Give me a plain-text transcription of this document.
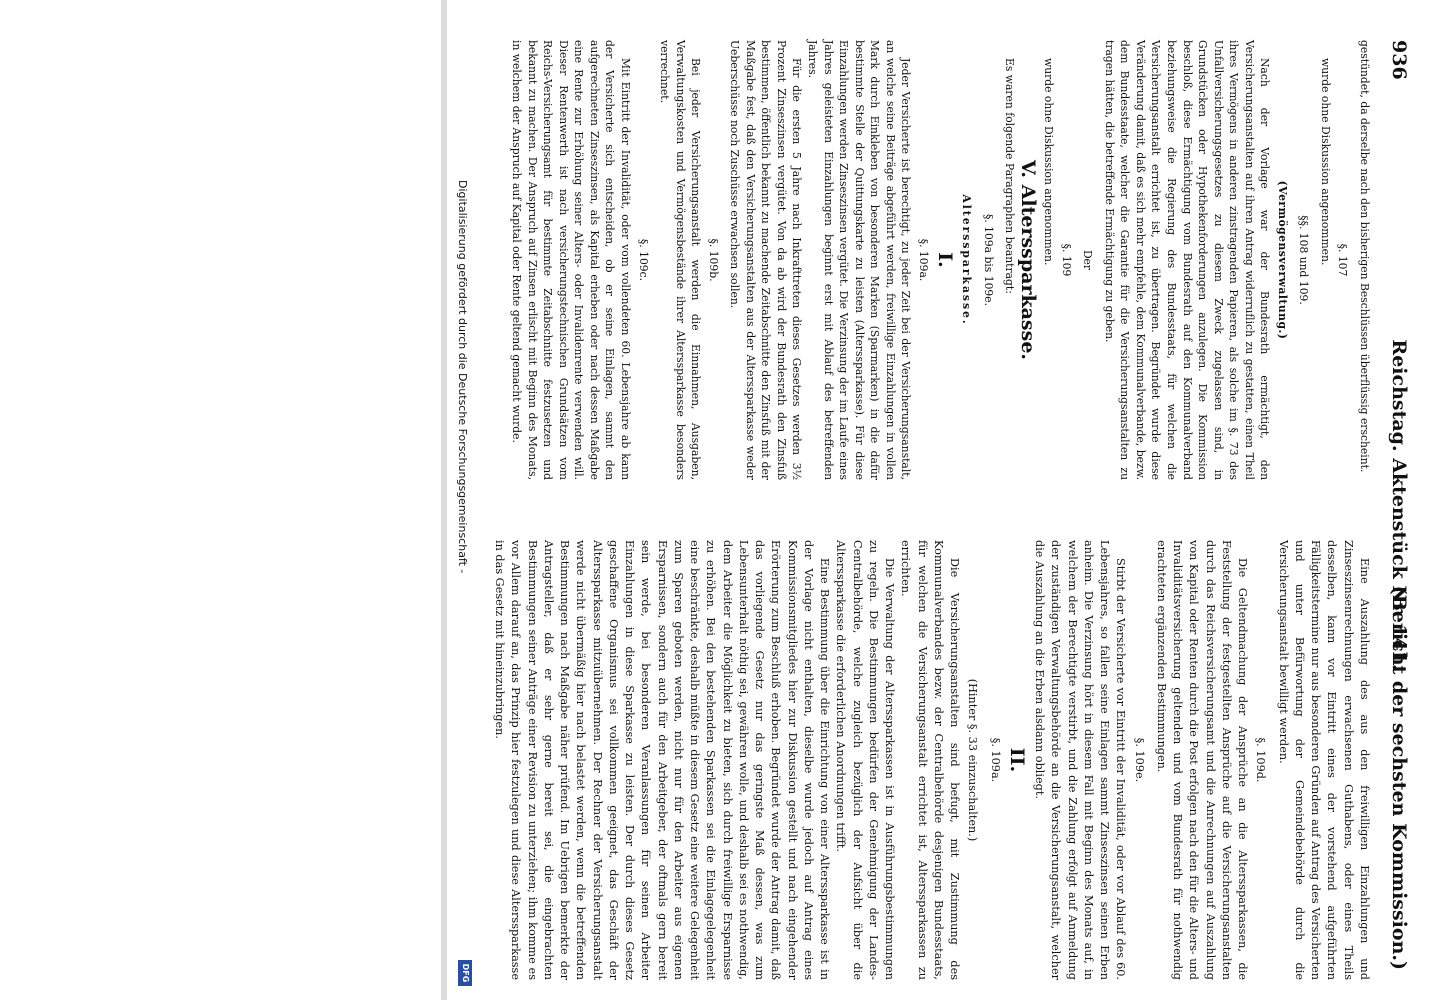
936
Reichstag. Aktenstück Nr. 141.
(Bericht der sechsten Kommission.)

gestündet, da derselbe nach den bisherigen Beschlüssen überflüssig erscheint.

§. 107

wurde ohne Diskussion angenommen.

§§. 108 und 109.

(Vermögensverwaltung.)

Nach der Vorlage war der Bundesrath ermächtigt, den Versicherungsanstalten auf ihren Antrag widerruflich zu gestatten, einen Theil ihres Vermögens in anderen zinstragenden Papieren, als solche im §. 73 des Unfallversicherungsgesetzes zu diesem Zweck zugelassen sind, in Grundstücken oder Hypothekenforderungen anzulegen. Die Kommission beschloß, diese Ermächtigung vom Bundesrath auf den Kommunalverband beziehungsweise die Regierung des Bundesstaats, für welchen die Versicherungsanstalt errichtet ist, zu übertragen. Begründet wurde diese Veränderung damit, daß es sich mehr empfehle, dem Kommunalverbande, bezw. dem Bundesstaate, welcher die Garantie für die Versicherungsanstalten zu tragen hätten, die betreffende Ermächtigung zu geben.

Der

§. 109

wurde ohne Diskussion angenommen.

V. Alterssparkasse.

Es waren folgende Paragraphen beantragt:

§. 109a bis 109e.

Alterssparkasse.

I.

§. 109a.

Jeder Versicherte ist berechtigt, zu jeder Zeit bei der Versicherungsanstalt, an welche seine Beiträge abgeführt werden, freiwillige Einzahlungen in vollen Mark durch Einkleben von besonderen Marken (Sparmarken) in die dafür bestimmte Stelle der Quittungskarte zu leisten (Alterssparkasse). Für diese Einzahlungen werden Zinseszinsen vergütet. Die Verzinsung der im Laufe eines Jahres geleisteten Einzahlungen beginnt erst mit Ablauf des betreffenden Jahres.

Für die ersten 5 Jahre nach Inkrafttreten dieses Gesetzes werden 3½ Prozent Zinseszinsen vergütet. Von da ab wird der Bundesrath den Zinsfuß bestimmen, öffentlich bekannt zu machende Zeitabschnitte den Zinsfuß mit der Maßgabe fest, daß den Versicherungsanstalten aus der Alterssparkasse weder Ueberschüsse noch Zuschüsse erwachsen sollen.

§. 109b.

Bei jeder Versicherungsanstalt werden die Einnahmen, Ausgaben, Verwaltungskosten und Vermögensbestände ihrer Alterssparkasse besonders verrechnet.

§. 109c.

Mit Eintritt der Invalidität, oder vom vollendeten 60. Lebensjahre ab kann der Versicherte sich entscheiden, ob er seine Einlagen, sammt den aufgerechneten Zinseszinsen, als Kapital erheben oder nach dessen Maßgabe eine Rente zur Erhöhung seiner Alters- oder Invalidenrente verwenden will. Dieser Rentenwerth ist nach versicherungstechnischen Grundsätzen vom Reichs-Versicherungsamt für bestimmte Zeitabschnitte festzusetzen und bekannt zu machen. Der Anspruch auf Zinsen erlischt mit Beginn des Monats, in welchem der Anspruch auf Kapital oder Rente geltend gemacht wurde.

Eine Auszahlung des aus den freiwilligen Einzahlungen und Zinseszinsenrechnungen erwachsenen Guthabens, oder eines Theils desselben, kann vor Eintritt eines der vorstehend aufgeführten Fälligkeitstermine nur aus besonderen Gründen auf Antrag des Versicherten und unter Befürwortung der Gemeindebehörde durch die Versicherungsanstalt bewilligt werden.

§. 109d.

Die Geltendmachung der Ansprüche an die Alterssparkassen, die Feststellung der festgestellten Ansprüche auf die Versicherungsanstalten durch das Reichsversicherungsamt und die Anrechnungen auf Auszahlung von Kapital oder Renten durch die Post erfolgen nach den für die Alters- und Invaliditätsversicherung geltenden und vom Bundesrath für nothwendig erachteten ergänzenden Bestimmungen.

§. 109e.

Stirbt der Versicherte vor Eintritt der Invalidität, oder vor Ablauf des 60. Lebensjahres, so fallen seine Einlagen sammt Zinseszinsen seinen Erben anheim. Die Verzinsung hört in diesem Fall mit Beginn des Monats auf, in welchem der Berechtigte verstirbt, und die Zahlung erfolgt auf Anmeldung der zuständigen Verwaltungsbehörde an die Versicherungsanstalt, welcher die Auszahlung an die Erben alsdann obliegt.

II.

§. 109a.

(Hinter §. 33 einzuschalten.)

Die Versicherungsanstalten sind befugt, mit Zustimmung des Kommunalverbandes bezw. der Centralbehörde desjenigen Bundesstaats, für welchen die Versicherungsanstalt errichtet ist, Alterssparkassen zu errichten.

Die Verwaltung der Alterssparkassen ist in Ausführungsbestimmungen zu regeln. Die Bestimmungen bedürfen der Genehmigung der Landes-Centralbehörde, welche zugleich bezüglich der Aufsicht über die Alterssparkasse die erforderlichen Anordnungen trifft.

Eine Bestimmung über die Einrichtung von einer Alterssparkasse ist in der Vorlage nicht enthalten, dieselbe wurde jedoch auf Antrag eines Kommissionsmitgliedes hier zur Diskussion gestellt und nach eingehender Erörterung zum Beschluß erhoben. Begründet wurde der Antrag damit, daß das vorliegende Gesetz nur das geringste Maß dessen, was zum Lebensunterhalt nöthig sei, gewähren wolle, und deshalb sei es nothwendig, dem Arbeiter die Möglichkeit zu bieten, sich durch freiwillige Ersparnisse zu erhöhen. Bei den bestehenden Sparkassen sei die Einlagegelegenheit eine beschränkte, deshalb müßte in diesem Gesetz eine weitere Gelegenheit zum Sparen geboten werden, nicht nur für den Arbeiter aus eigenen Ersparnissen, sondern auch für den Arbeitgeber, der oftmals gern bereit sein werde, bei besonderen Veranlassungen für seinen Arbeiter Einzahlungen in diese Sparkasse zu leisten. Der durch dieses Gesetz geschaffene Organismus sei vollkommen geeignet, das Geschäft der Alterssparkasse mitzuübernehmen. Der Rechner der Versicherungsanstalt werde nicht übermäßig hier nach belastet werden, wenn die betreffenden Bestimmungen nach Maßgabe näher prüfend. Im Uebrigen bemerkte der Antragsteller, daß er sehr gerne bereit sei, die eingebrachten Bestimmungen seiner Anträge einer Revision zu unterziehen; ihm komme es vor Allem darauf an, das Prinzip hier festzulegen und diese Alterssparkasse in das Gesetz mit hineinzubringen.

Digitalisierung gefördert durch die Deutsche Forschungsgemeinschaft -
DFG
